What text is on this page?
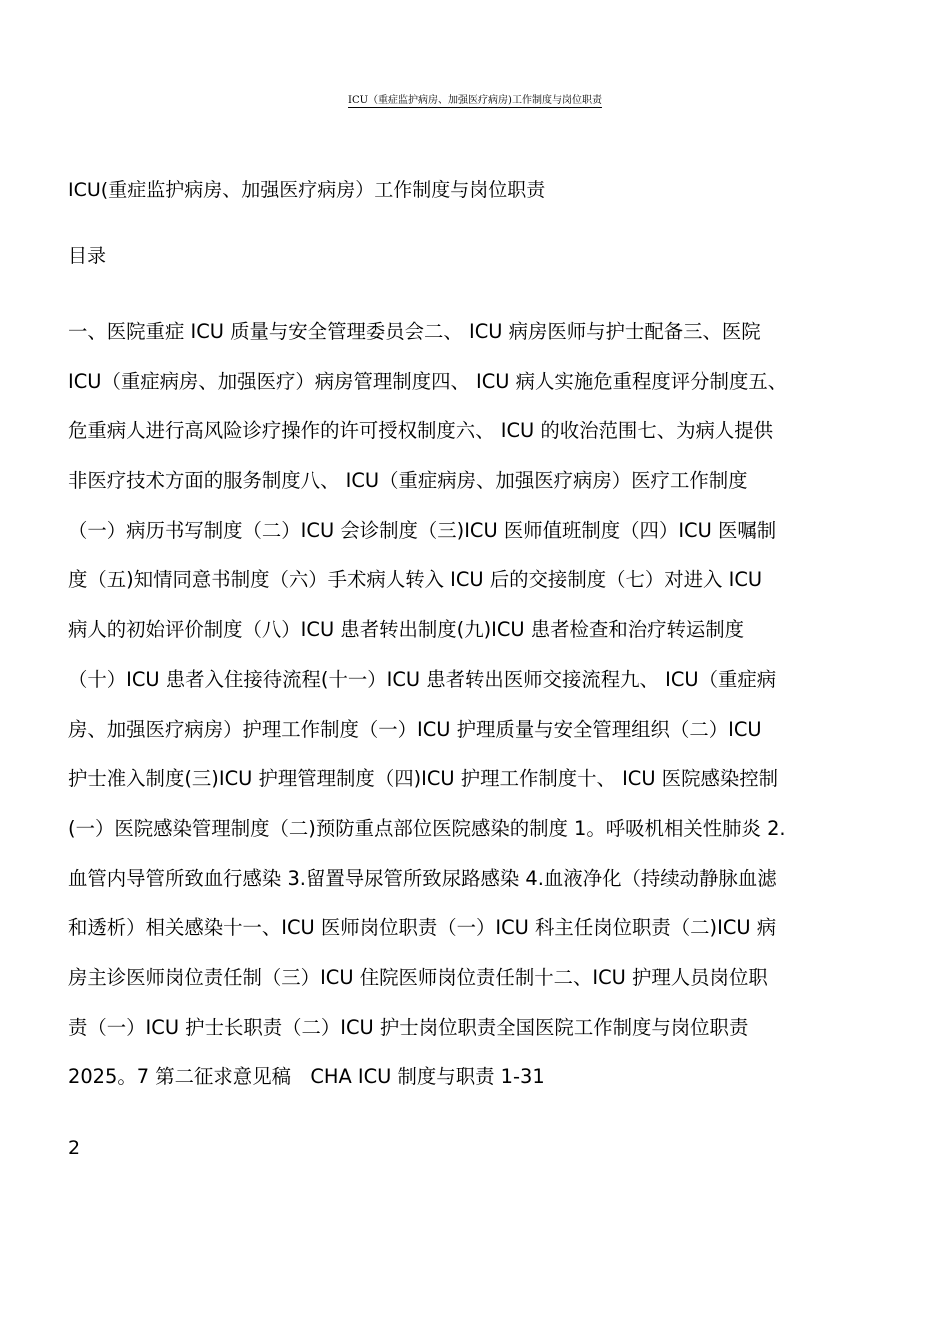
ICU（重症监护病房、加强医疗病房)工作制度与岗位职责
ICU(重症监护病房、加强医疗病房）工作制度与岗位职责
目录

一、医院重症 ICU 质量与安全管理委员会二、 ICU 病房医师与护士配备三、医院
ICU（重症病房、加强医疗）病房管理制度四、 ICU 病人实施危重程度评分制度五、
危重病人进行高风险诊疗操作的许可授权制度六、 ICU 的收治范围七、为病人提供
非医疗技术方面的服务制度八、 ICU（重症病房、加强医疗病房）医疗工作制度
（一）病历书写制度（二）ICU 会诊制度（三)ICU 医师值班制度（四）ICU 医嘱制
度（五)知情同意书制度（六）手术病人转入 ICU 后的交接制度（七）对进入 ICU
病人的初始评价制度（八）ICU 患者转出制度(九)ICU 患者检查和治疗转运制度
（十）ICU 患者入住接待流程(十一）ICU 患者转出医师交接流程九、 ICU（重症病
房、加强医疗病房）护理工作制度（一）ICU 护理质量与安全管理组织（二）ICU
护士准入制度(三)ICU 护理管理制度（四)ICU 护理工作制度十、 ICU 医院感染控制
(一）医院感染管理制度（二)预防重点部位医院感染的制度 1。呼吸机相关性肺炎 2.
血管内导管所致血行感染 3.留置导尿管所致尿路感染 4.血液净化（持续动静脉血滤
和透析）相关感染十一、ICU 医师岗位职责（一）ICU 科主任岗位职责（二)ICU 病
房主诊医师岗位责任制（三）ICU 住院医师岗位责任制十二、ICU 护理人员岗位职
责（一）ICU 护士长职责（二）ICU 护士岗位职责全国医院工作制度与岗位职责
2025。7 第二征求意见稿　CHA ICU 制度与职责 1-31

2
